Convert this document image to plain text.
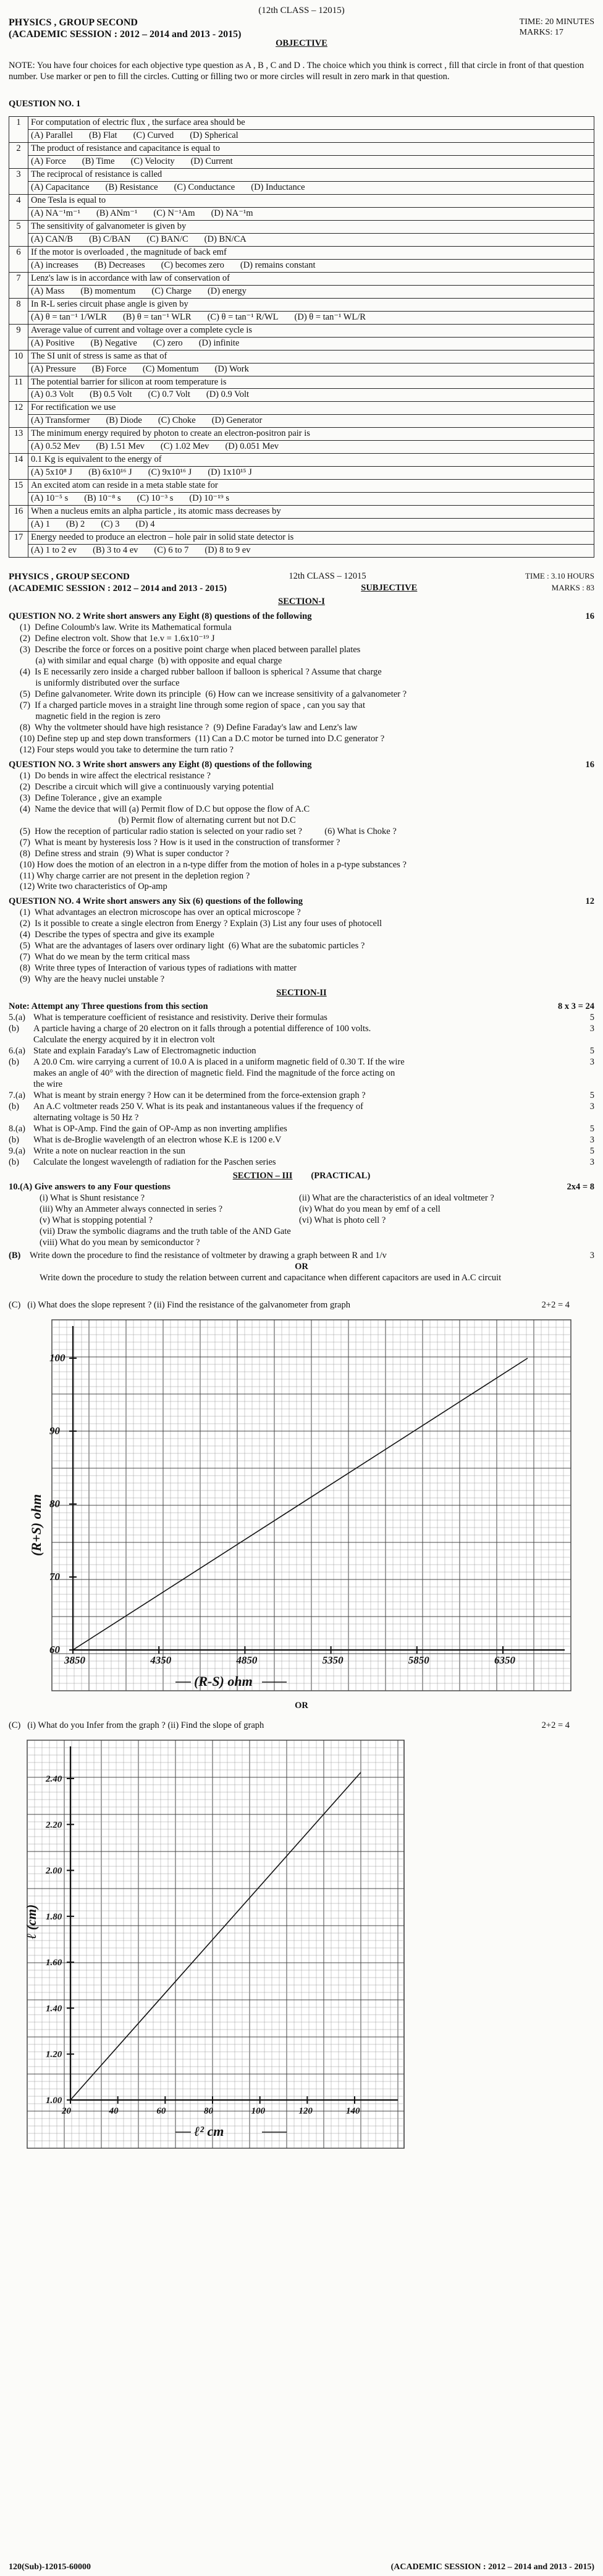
(12th CLASS – 12015)
PHYSICS , GROUP SECOND
(ACADEMIC SESSION : 2012 – 2014 and 2013 - 2015)
TIME: 20 MINUTES
MARKS: 17
OBJECTIVE
NOTE: You have four choices for each objective type question as A , B , C and D . The choice which you think is correct , fill that circle in front of that question number. Use marker or pen to fill the circles. Cutting or filling two or more circles will result in zero mark in that question.
QUESTION NO. 1
1	For computation of electric flux , the surface area should be

	(A) Parallel (B) Flat (C) Curved (D) Spherical

2	The product of resistance and capacitance is equal to

	(A) Force (B) Time (C) Velocity (D) Current

3	The reciprocal of resistance is called

	(A) Capacitance (B) Resistance (C) Conductance (D) Inductance

4	One Tesla is equal to

	(A) NA⁻¹m⁻¹ (B) ANm⁻¹ (C) N⁻¹Am (D) NA⁻¹m

5	The sensitivity of galvanometer is given by

	(A) CAN/B (B) C/BAN (C) BAN/C (D) BN/CA

6	If the motor is overloaded , the magnitude of back emf

	(A) increases (B) Decreases (C) becomes zero (D) remains constant

7	Lenz's law is in accordance with law of conservation of

	(A) Mass (B) momentum (C) Charge (D) energy

8	In R-L series circuit phase angle is given by

	(A) θ = tan⁻¹ 1/WLR (B) θ = tan⁻¹ WLR (C) θ = tan⁻¹ R/WL (D) θ = tan⁻¹ WL/R

9	Average value of current and voltage over a complete cycle is

	(A) Positive (B) Negative (C) zero (D) infinite

10	The SI unit of stress is same as that of

	(A) Pressure (B) Force (C) Momentum (D) Work

11	The potential barrier for silicon at room temperature is

	(A) 0.3 Volt (B) 0.5 Volt (C) 0.7 Volt (D) 0.9 Volt

12	For rectification we use

	(A) Transformer (B) Diode (C) Choke (D) Generator

13	The minimum energy required by photon to create an electron-positron pair is

	(A) 0.52 Mev (B) 1.51 Mev (C) 1.02 Mev (D) 0.051 Mev

14	0.1 Kg is equivalent to the energy of

	(A) 5x10⁸ J (B) 6x10¹⁶ J (C) 9x10¹⁶ J (D) 1x10¹⁵ J

15	An excited atom can reside in a meta stable state for

	(A) 10⁻⁵ s (B) 10⁻⁸ s (C) 10⁻³ s (D) 10⁻¹⁹ s

16	When a nucleus emits an alpha particle , its atomic mass decreases by

	(A) 1 (B) 2 (C) 3 (D) 4

17	Energy needed to produce an electron – hole pair in solid state detector is

	(A) 1 to 2 ev (B) 3 to 4 ev (C) 6 to 7 (D) 8 to 9 ev
PHYSICS , GROUP SECOND	12th CLASS – 12015	TIME : 3.10 HOURS
(ACADEMIC SESSION : 2012 – 2014 and 2013 - 2015)	SUBJECTIVE	MARKS : 83
SECTION-I
QUESTION NO. 2 Write short answers any Eight (8) questions of the following	16
(1)  Define Coloumb's law. Write its Mathematical formula
(2)  Define electron volt. Show that 1e.v = 1.6x10⁻¹⁹ J
(3)  Describe the force or forces on a positive point charge when placed between parallel plates
(a) with similar and equal charge  (b) with opposite and equal charge
(4)  Is E necessarily zero inside a charged rubber balloon if balloon is spherical ? Assume that charge
is uniformly distributed over the surface
(5)  Define galvanometer. Write down its principle  (6) How can we increase sensitivity of a galvanometer ?
(7)  If a charged particle moves in a straight line through some region of space , can you say that
magnetic field in the region is zero
(8)  Why the voltmeter should have high resistance ?  (9) Define Faraday's law and Lenz's law
(10) Define step up and step down transformers  (11) Can a D.C motor be turned into D.C generator ?
(12) Four steps would you take to determine the turn ratio ?
QUESTION NO. 3 Write short answers any Eight (8) questions of the following	16
(1)  Do bends in wire affect the electrical resistance ?
(2)  Describe a circuit which will give a continuously varying potential
(3)  Define Tolerance , give an example
(4)  Name the device that will (a) Permit flow of D.C but oppose the flow of A.C
(b) Permit flow of alternating current but not D.C
(5)  How the reception of particular radio station is selected on your radio set ?          (6) What is Choke ?
(7)  What is meant by hysteresis loss ? How is it used in the construction of transformer ?
(8)  Define stress and strain  (9) What is super conductor ?
(10) How does the motion of an electron in a n-type differ from the motion of holes in a p-type substances ?
(11) Why charge carrier are not present in the depletion region ?
(12) Write two characteristics of Op-amp
QUESTION NO. 4 Write short answers any Six (6) questions of the following	12
(1)  What advantages an electron microscope has over an optical microscope ?
(2)  Is it possible to create a single electron from Energy ? Explain (3) List any four uses of photocell
(4)  Describe the types of spectra and give its example
(5)  What are the advantages of lasers over ordinary light  (6) What are the subatomic particles ?
(7)  What do we mean by the term critical mass
(8)  Write three types of Interaction of various types of radiations with matter
(9)  Why are the heavy nuclei unstable ?
SECTION-II
Note: Attempt any Three questions from this section	8 x 3 = 24
5.(a) What is temperature coefficient of resistance and resistivity. Derive their formulas	5
(b)	A particle having a charge of 20 electron on it falls through a potential difference of 100 volts.	3
Calculate the energy acquired by it in electron volt
6.(a) State and explain Faraday's Law of Electromagnetic induction	5
(b)	A 20.0 Cm. wire carrying a current of 10.0 A is placed in a uniform magnetic field of 0.30 T. If the wire	3
makes an angle of 40° with the direction of magnetic field. Find the magnitude of the force acting on
the wire
7.(a) What is meant by strain energy ? How can it be determined from the force-extension graph ?	5
(b)	An A.C voltmeter reads 250 V. What is its peak and instantaneous values if the frequency of	3
alternating voltage is 50 Hz ?
8.(a) What is OP-Amp. Find the gain of OP-Amp as non inverting amplifies	5
(b)	What is de-Broglie wavelength of an electron whose K.E is 1200 e.V	3
9.(a) Write a note on nuclear reaction in the sun	5
(b)	Calculate the longest wavelength of radiation for the Paschen series	3
SECTION – III (PRACTICAL)
10.(A) Give answers to any Four questions	2x4 = 8
(i) What is Shunt resistance ?	(ii) What are the characteristics of an ideal voltmeter ?
(iii) Why an Ammeter always connected in series ?	(iv) What do you mean by emf of a cell
(v) What is stopping potential ?	(vi) What is photo cell ?
(vii) Draw the symbolic diagrams and the truth table of the AND Gate
(viii) What do you mean by semiconductor ?
(B) Write down the procedure to find the resistance of voltmeter by drawing a graph between R and 1/v	3
OR
Write down the procedure to study the relation between current and capacitance when different capacitors are used in A.C circuit
(C) (i) What does the slope represent ? (ii) Find the resistance of the galvanometer from graph	2+2 = 4
60
70
80
90
100
3850	4350	4850	5350	5850	6350
(R+S) ohm
(R-S) ohm
OR
(C) (i) What do you Infer from the graph ? (ii) Find the slope of graph	2+2 = 4
1.00
1.20
1.40
1.60
1.80
2.00
2.20
2.40
20	40	60	80	100	120	140
ℓ (cm)
ℓ² cm
120(Sub)-12015-60000	(ACADEMIC SESSION : 2012 – 2014 and 2013 - 2015)
